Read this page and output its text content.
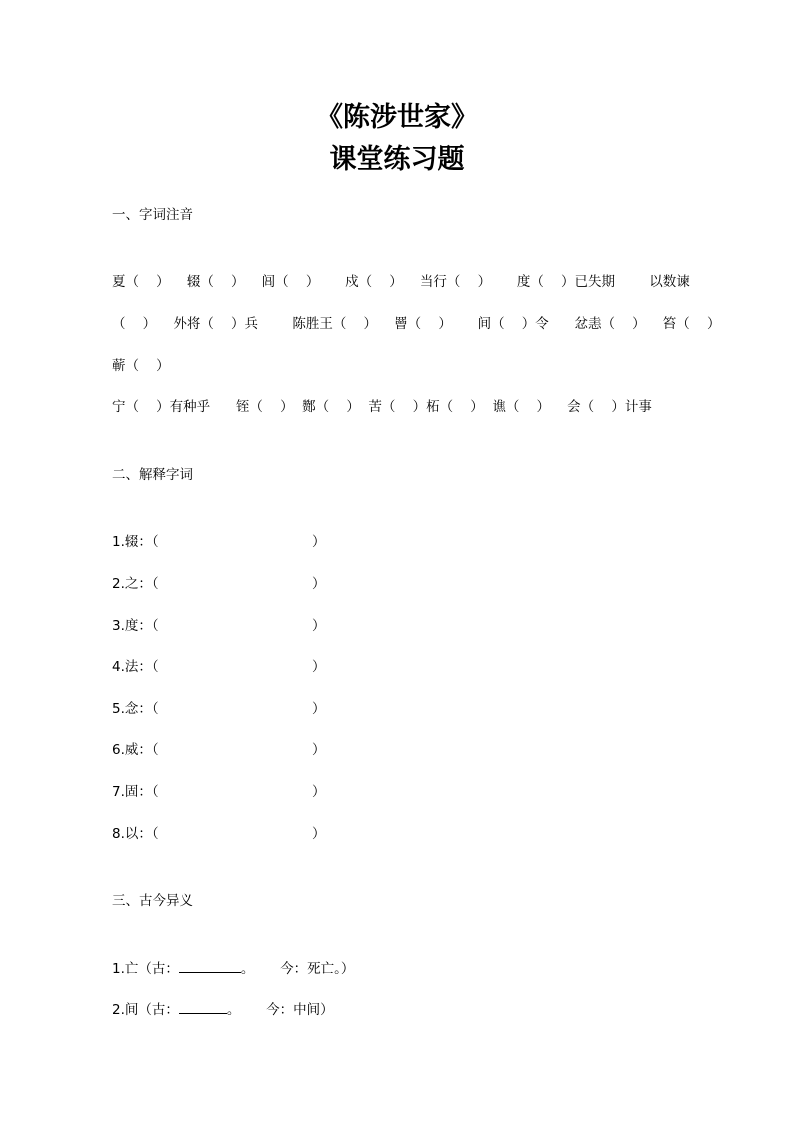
《陈涉世家》
课堂练习题
一、字词注音
夏（    ）    辍（    ）    闾（    ）      戍（    ）    当行（    ）      度（    ）已失期        以数谏
（    ）    外将（    ）兵        陈胜王（    ）    罾（    ）      间（    ）令      忿恚（    ）    笞（    ）
蕲（    ）
宁（    ）有种乎      铚（    ）  酂（    ）  苦（    ）柘（    ）  谯（    ）    会（    ）计事
二、解释字词
1.辍：（	）
2.之：（	）
3.度：（	）
4.法：（	）
5.念：（	）
6.威：（	）
7.固：（	）
8.以：（	）
三、古今异义
1.亡（古：	。      今：死亡。）
2.间（古：	。      今：中间）
